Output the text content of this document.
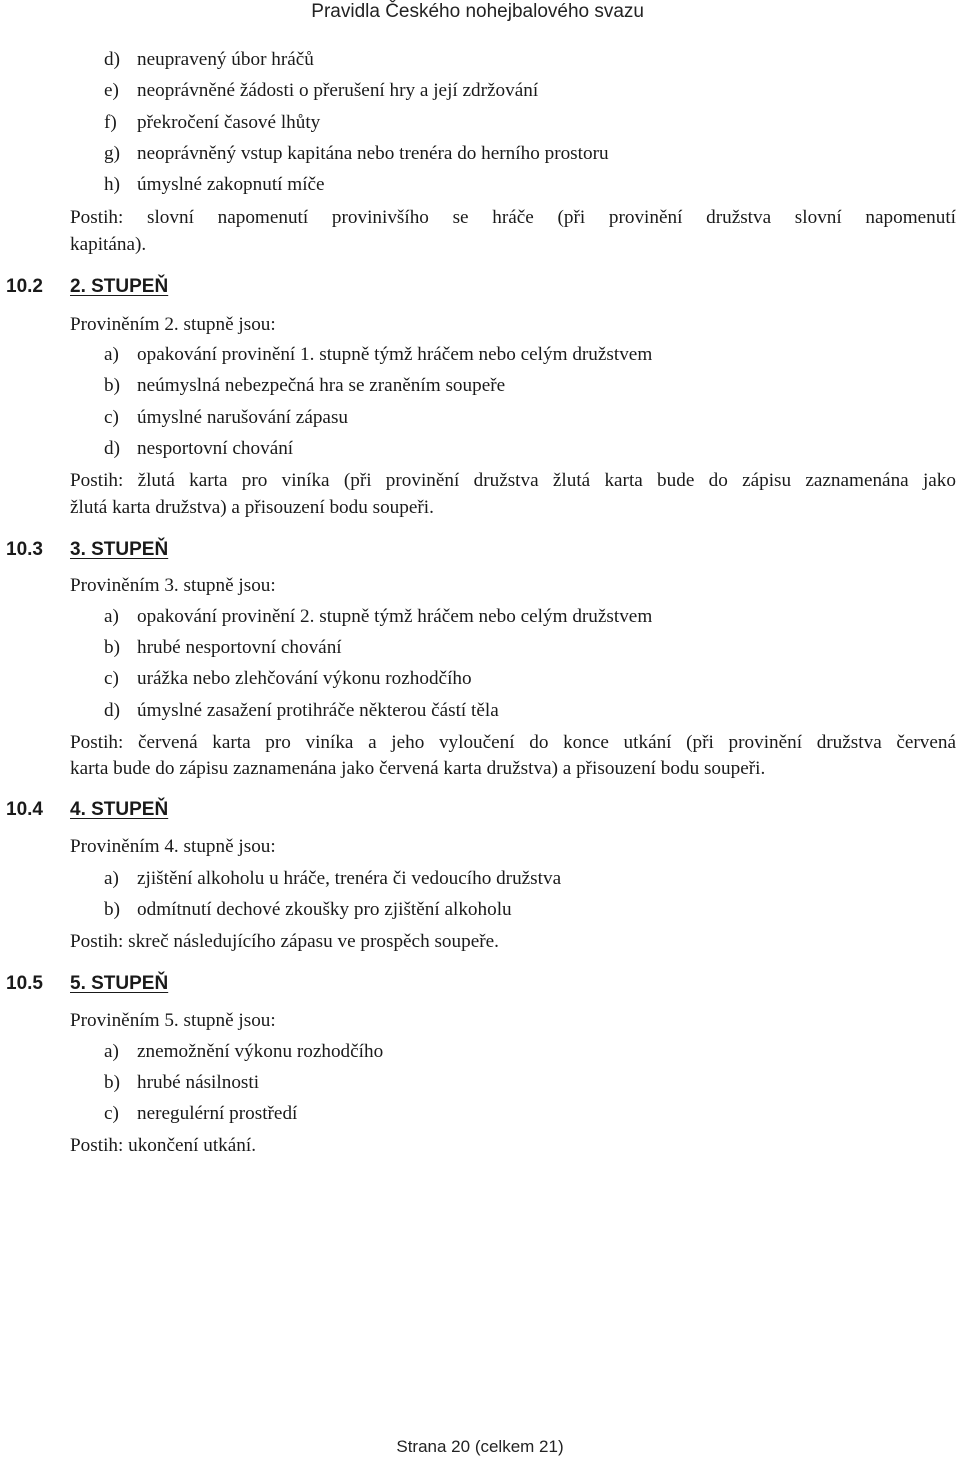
Pravidla Českého nohejbalového svazu
d) neupravený úbor hráčů
e) neoprávněné žádosti o přerušení hry a její zdržování
f) překročení časové lhůty
g) neoprávněný vstup kapitána nebo trenéra do herního prostoru
h) úmyslné zakopnutí míče
Postih: slovní napomenutí provinivšího se hráče (při provinění družstva slovní napomenutí
kapitána).
10.2 2. STUPEŇ
Proviněním 2. stupně jsou:
a) opakování provinění 1. stupně týmž hráčem nebo celým družstvem
b) neúmyslná nebezpečná hra se zraněním soupeře
c) úmyslné narušování zápasu
d) nesportovní chování
Postih: žlutá karta pro viníka (při provinění družstva žlutá karta bude do zápisu zaznamenána jako
žlutá karta družstva) a přisouzení bodu soupeři.
10.3 3. STUPEŇ
Proviněním 3. stupně jsou:
a) opakování provinění 2. stupně týmž hráčem nebo celým družstvem
b) hrubé nesportovní chování
c) urážka nebo zlehčování výkonu rozhodčího
d) úmyslné zasažení protihráče některou částí těla
Postih: červená karta pro viníka a jeho vyloučení do konce utkání (při provinění družstva červená
karta bude do zápisu zaznamenána jako červená karta družstva) a přisouzení bodu soupeři.
10.4 4. STUPEŇ
Proviněním 4. stupně jsou:
a) zjištění alkoholu u hráče, trenéra či vedoucího družstva
b) odmítnutí dechové zkoušky pro zjištění alkoholu
Postih: skreč následujícího zápasu ve prospěch soupeře.
10.5 5. STUPEŇ
Proviněním 5. stupně jsou:
a) znemožnění výkonu rozhodčího
b) hrubé násilnosti
c) neregulérní prostředí
Postih: ukončení utkání.
Strana 20 (celkem 21)
